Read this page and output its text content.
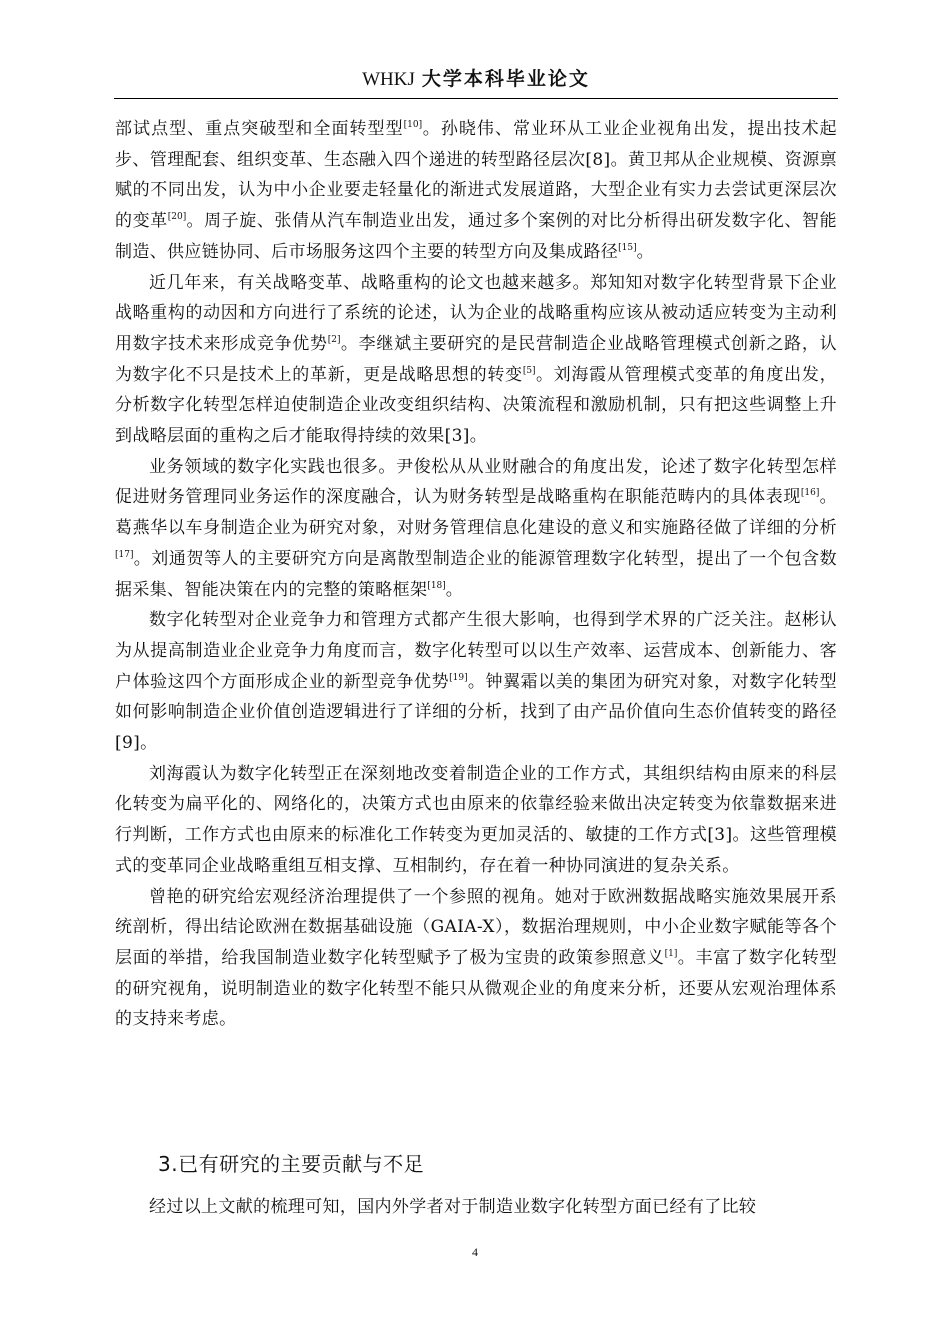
WHKJ 大学本科毕业论文

部试点型、重点突破型和全面转型型[10]。孙晓伟、常业环从工业企业视角出发，提出技术起步、管理配套、组织变革、生态融入四个递进的转型路径层次[8]。黄卫邦从企业规模、资源禀赋的不同出发，认为中小企业要走轻量化的渐进式发展道路，大型企业有实力去尝试更深层次的变革[20]。周子旋、张倩从汽车制造业出发，通过多个案例的对比分析得出研发数字化、智能制造、供应链协同、后市场服务这四个主要的转型方向及集成路径[15]。

近几年来，有关战略变革、战略重构的论文也越来越多。郑知知对数字化转型背景下企业战略重构的动因和方向进行了系统的论述，认为企业的战略重构应该从被动适应转变为主动利用数字技术来形成竞争优势[2]。李继斌主要研究的是民营制造企业战略管理模式创新之路，认为数字化不只是技术上的革新，更是战略思想的转变[5]。刘海霞从管理模式变革的角度出发，分析数字化转型怎样迫使制造企业改变组织结构、决策流程和激励机制，只有把这些调整上升到战略层面的重构之后才能取得持续的效果[3]。

业务领域的数字化实践也很多。尹俊松从从业财融合的角度出发，论述了数字化转型怎样促进财务管理同业务运作的深度融合，认为财务转型是战略重构在职能范畴内的具体表现[16]。葛燕华以车身制造企业为研究对象，对财务管理信息化建设的意义和实施路径做了详细的分析[17]。刘通贺等人的主要研究方向是离散型制造企业的能源管理数字化转型，提出了一个包含数据采集、智能决策在内的完整的策略框架[18]。

数字化转型对企业竞争力和管理方式都产生很大影响，也得到学术界的广泛关注。赵彬认为从提高制造业企业竞争力角度而言，数字化转型可以以生产效率、运营成本、创新能力、客户体验这四个方面形成企业的新型竞争优势[19]。钟翼霜以美的集团为研究对象，对数字化转型如何影响制造企业价值创造逻辑进行了详细的分析，找到了由产品价值向生态价值转变的路径[9]。

刘海霞认为数字化转型正在深刻地改变着制造企业的工作方式，其组织结构由原来的科层化转变为扁平化的、网络化的，决策方式也由原来的依靠经验来做出决定转变为依靠数据来进行判断，工作方式也由原来的标准化工作转变为更加灵活的、敏捷的工作方式[3]。这些管理模式的变革同企业战略重组互相支撑、互相制约，存在着一种协同演进的复杂关系。

曾艳的研究给宏观经济治理提供了一个参照的视角。她对于欧洲数据战略实施效果展开系统剖析，得出结论欧洲在数据基础设施（GAIA-X），数据治理规则，中小企业数字赋能等各个层面的举措，给我国制造业数字化转型赋予了极为宝贵的政策参照意义[1]。丰富了数字化转型的研究视角，说明制造业的数字化转型不能只从微观企业的角度来分析，还要从宏观治理体系的支持来考虑。

3.已有研究的主要贡献与不足

经过以上文献的梳理可知，国内外学者对于制造业数字化转型方面已经有了比较

4
